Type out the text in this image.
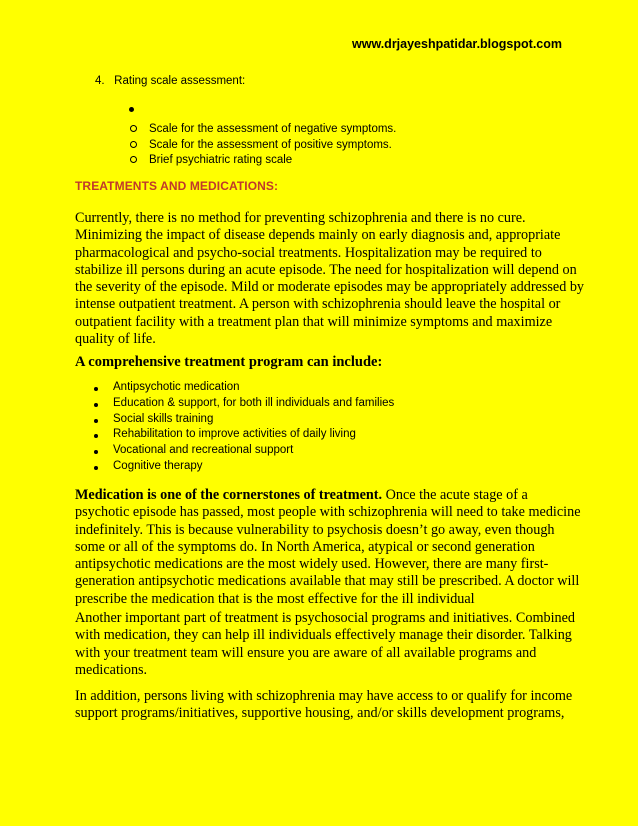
www.drjayeshpatidar.blogspot.com
4.   Rating scale assessment:
Scale for the assessment of negative symptoms.
Scale for the assessment of positive symptoms.
Brief psychiatric rating scale
TREATMENTS AND MEDICATIONS:

Currently, there is no method for preventing schizophrenia and there is no cure.

Minimizing the impact of disease depends mainly on early diagnosis and, appropriate

pharmacological and psycho-social treatments. Hospitalization may be required to

stabilize ill persons during an acute episode. The need for hospitalization will depend on

the severity of the episode. Mild or moderate episodes may be appropriately addressed by

intense outpatient treatment. A person with schizophrenia should leave the hospital or

outpatient facility with a treatment plan that will minimize symptoms and maximize

quality of life.

A comprehensive treatment program can include:
Antipsychotic medication
Education & support, for both ill individuals and families
Social skills training
Rehabilitation to improve activities of daily living
Vocational and recreational support
Cognitive therapy

Medication is one of the cornerstones of treatment. Once the acute stage of a

psychotic episode has passed, most people with schizophrenia will need to take medicine

indefinitely. This is because vulnerability to psychosis doesn’t go away, even though

some or all of the symptoms do. In North America, atypical or second generation

antipsychotic medications are the most widely used. However, there are many first-

generation antipsychotic medications available that may still be prescribed. A doctor will

prescribe the medication that is the most effective for the ill individual

Another important part of treatment is psychosocial programs and initiatives. Combined

with medication, they can help ill individuals effectively manage their disorder. Talking

with your treatment team will ensure you are aware of all available programs and

medications.

In addition, persons living with schizophrenia may have access to or qualify for income

support programs/initiatives, supportive housing, and/or skills development programs,
